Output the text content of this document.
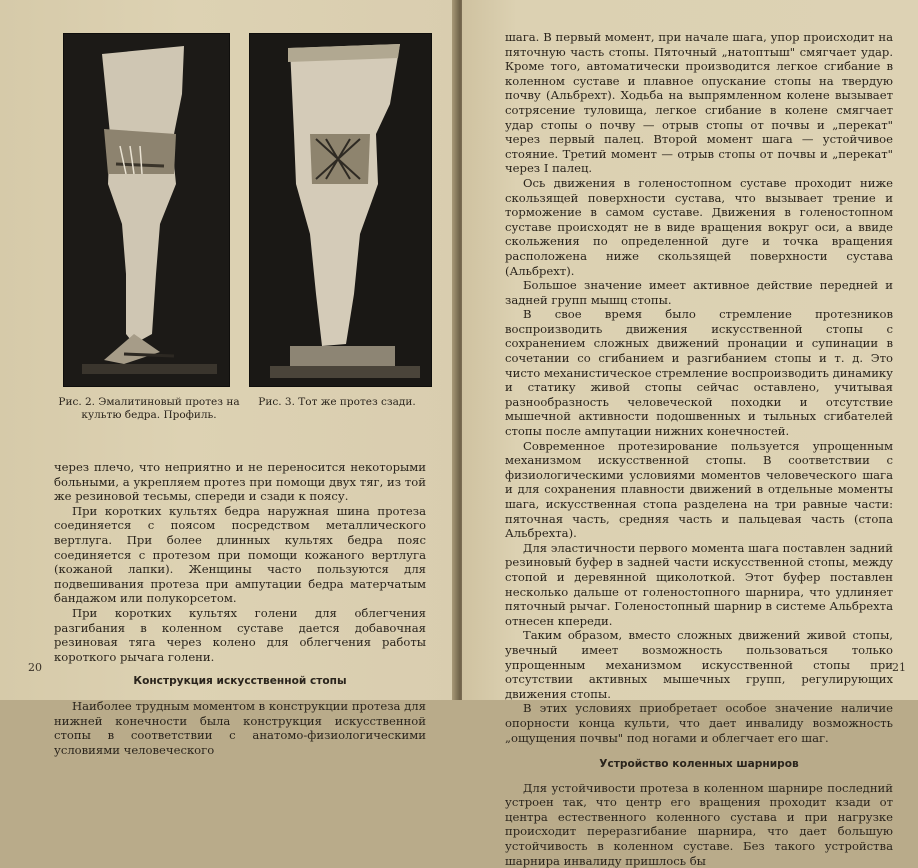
Рис. 2. Эмалитиновый протез на культю бедра. Профиль.
Рис. 3. Тот же протез сзади.

через плечо, что неприятно и не переносится некоторыми больными, а укрепляем протез при помощи двух тяг, из той же резиновой тесьмы, спереди и сзади к поясу.

При коротких культях бедра наружная шина протеза соединяется с поясом посредством металлического вертлуга. При более длинных культях бедра пояс соединяется с протезом при помощи кожаного вертлуга (кожаной лапки). Женщины часто пользуются для подвешивания протеза при ампутации бедра матерчатым бандажом или полукорсетом.

При коротких культях голени для облегчения разгибания в коленном суставе дается добавочная резиновая тяга через колено для облегчения работы короткого рычага голени.

Конструкция искусственной стопы

Наиболее трудным моментом в конструкции протеза для нижней конечности была конструкция искусственной стопы в соответствии с анатомо-физиологическими условиями человеческого

20	21

шага. В первый момент, при начале шага, упор происходит на пяточную часть стопы. Пяточный „натоптыш" смягчает удар. Кроме того, автоматически производится легкое сгибание в коленном суставе и плавное опускание стопы на твердую почву (Альбрехт). Ходьба на выпрямленном колене вызывает сотрясение туловища, легкое сгибание в колене смягчает удар стопы о почву — отрыв стопы от почвы и „перекат" через первый палец. Второй момент шага — устойчивое стояние. Третий момент — отрыв стопы от почвы и „перекат" через I палец.

Ось движения в голеностопном суставе проходит ниже скользящей поверхности сустава, что вызывает трение и торможение в самом суставе. Движения в голеностопном суставе происходят не в виде вращения вокруг оси, а ввиде скольжения по определенной дуге и точка вращения расположена ниже скользящей поверхности сустава (Альбрехт).

Большое значение имеет активное действие передней и задней групп мышц стопы.

В свое время было стремление протезников воспроизводить движения искусственной стопы с сохранением сложных движений пронации и супинации в сочетании со сгибанием и разгибанием стопы и т. д. Это чисто механистическое стремление воспроизводить динамику и статику живой стопы сейчас оставлено, учитывая разнообразность человеческой походки и отсутствие мышечной активности подошвенных и тыльных сгибателей стопы после ампутации нижних конечностей.

Современное протезирование пользуется упрощенным механизмом искусственной стопы. В соответствии с физиологическими условиями моментов человеческого шага и для сохранения плавности движений в отдельные моменты шага, искусственная стопа разделена на три равные части: пяточная часть, средняя часть и пальцевая часть (стопа Альбрехта).

Для эластичности первого момента шага поставлен задний резиновый буфер в задней части искусственной стопы, между стопой и деревянной щиколоткой. Этот буфер поставлен несколько дальше от голеностопного шарнира, что удлиняет пяточный рычаг. Голеностопный шарнир в системе Альбрехта отнесен кпереди.

Таким образом, вместо сложных движений живой стопы, увечный имеет возможность пользоваться только упрощенным механизмом искусственной стопы при отсутствии активных мышечных групп, регулирующих движения стопы.

В этих условиях приобретает особое значение наличие опорности конца культи, что дает инвалиду возможность „ощущения почвы" под ногами и облегчает его шаг.

Устройство коленных шарниров

Для устойчивости протеза в коленном шарнире последний устроен так, что центр его вращения проходит кзади от центра естественного коленного сустава и при нагрузке происходит переразгибание шарнира, что дает большую устойчивость в коленном суставе. Без такого устройства шарнира инвалиду пришлось бы
